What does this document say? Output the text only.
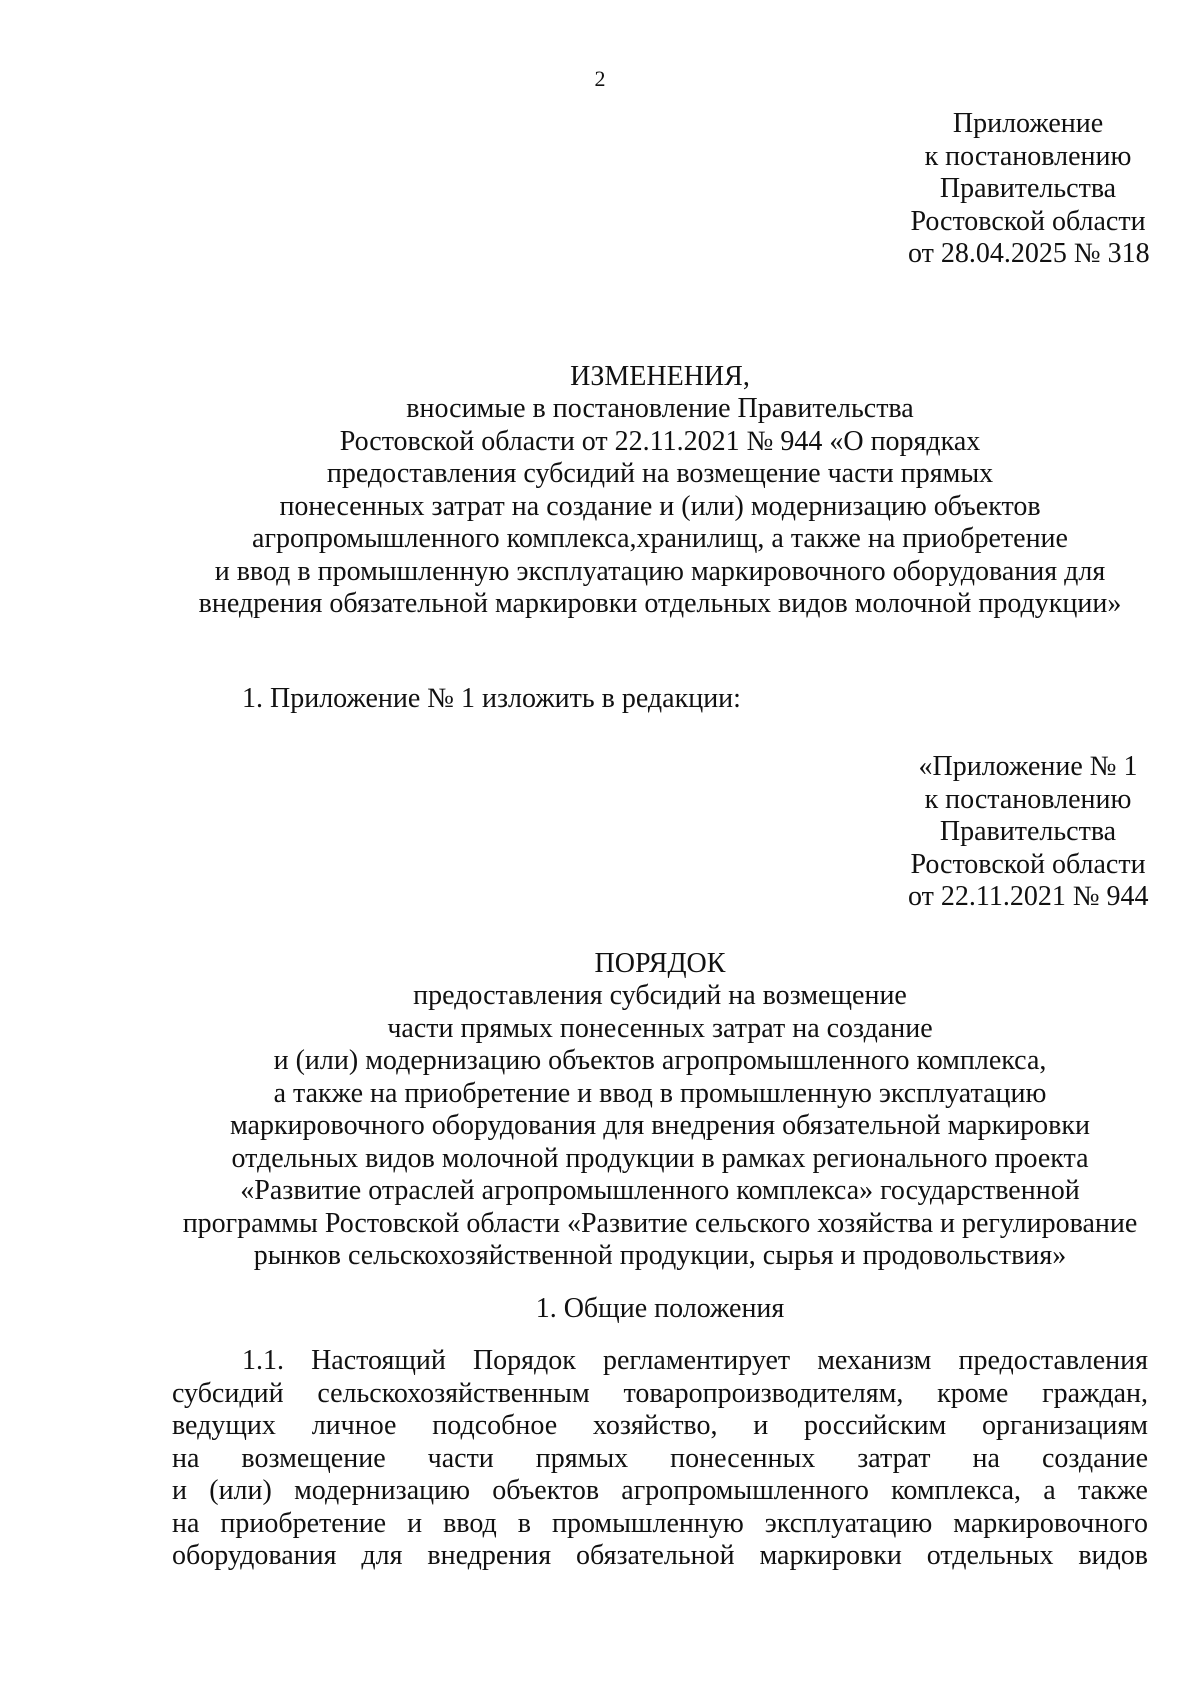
2
Приложение
к постановлению
Правительства
Ростовской области
от 28.04.2025 № 318
ИЗМЕНЕНИЯ,
вносимые в постановление Правительства
Ростовской области от 22.11.2021 № 944 «О порядках
предоставления субсидий на возмещение части прямых
понесенных затрат на создание и (или) модернизацию объектов
агропромышленного комплекса,хранилищ, а также на приобретение
и ввод в промышленную эксплуатацию маркировочного оборудования для
внедрения обязательной маркировки отдельных видов молочной продукции»
1. Приложение № 1 изложить в редакции:
«Приложение № 1
к постановлению
Правительства
Ростовской области
от 22.11.2021 № 944
ПОРЯДОК
предоставления субсидий на возмещение
части прямых понесенных затрат на создание
и (или) модернизацию объектов агропромышленного комплекса,
а также на приобретение и ввод в промышленную эксплуатацию
маркировочного оборудования для внедрения обязательной маркировки
отдельных видов молочной продукции в рамках регионального проекта
«Развитие отраслей агропромышленного комплекса» государственной
программы Ростовской области «Развитие сельского хозяйства и регулирование
рынков сельскохозяйственной продукции, сырья и продовольствия»
1. Общие положения
1.1. Настоящий Порядок регламентирует механизм предоставления
субсидий сельскохозяйственным товаропроизводителям, кроме граждан,
ведущих личное подсобное хозяйство, и российским организациям
на возмещение части прямых понесенных затрат на создание
и (или) модернизацию объектов агропромышленного комплекса, а также
на приобретение и ввод в промышленную эксплуатацию маркировочного
оборудования для внедрения обязательной маркировки отдельных видов
